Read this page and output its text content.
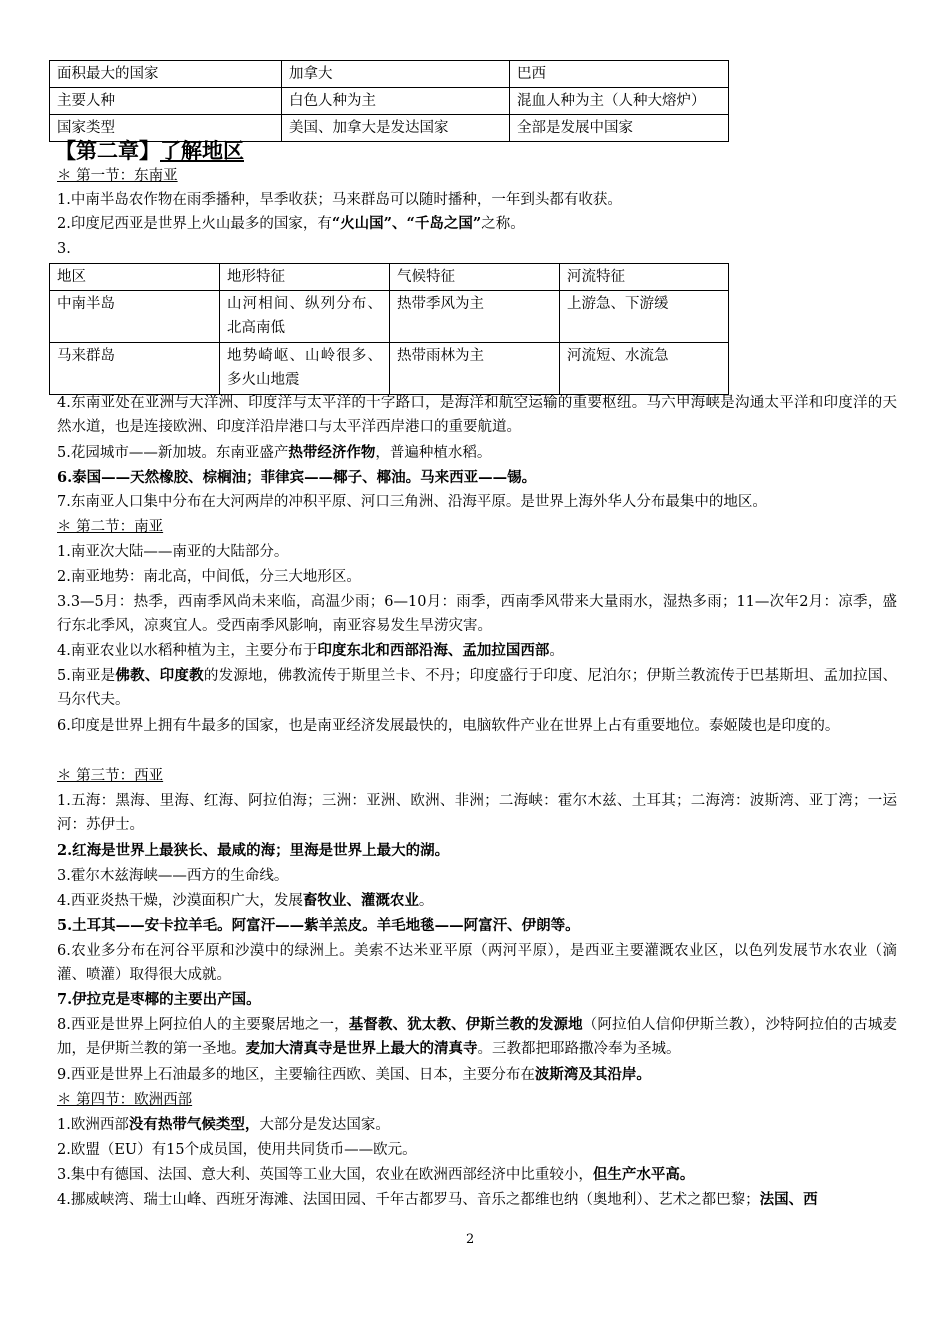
面积最大的国家	加拿大	巴西
主要人种	白色人种为主	混血人种为主（人种大熔炉）
国家类型	美国、加拿大是发达国家	全部是发展中国家
【第二章】了解地区
＊ 第一节：东南亚
1.中南半岛农作物在雨季播种，旱季收获；马来群岛可以随时播种，一年到头都有收获。
2.印度尼西亚是世界上火山最多的国家，有“火山国”、“千岛之国”之称。
3.
地区	地形特征	气候特征	河流特征
中南半岛	山河相间、纵列分布、北高南低	热带季风为主	上游急、下游缓
马来群岛	地势崎岖、山岭很多、多火山地震	热带雨林为主	河流短、水流急
4.东南亚处在亚洲与大洋洲、印度洋与太平洋的十字路口，是海洋和航空运输的重要枢纽。马六甲海峡是沟通太平洋和印度洋的天然水道，也是连接欧洲、印度洋沿岸港口与太平洋西岸港口的重要航道。
5.花园城市——新加坡。东南亚盛产热带经济作物，普遍种植水稻。
6.泰国——天然橡胶、棕榈油；菲律宾——椰子、椰油。马来西亚——锡。
7.东南亚人口集中分布在大河两岸的冲积平原、河口三角洲、沿海平原。是世界上海外华人分布最集中的地区。
＊ 第二节：南亚
1.南亚次大陆——南亚的大陆部分。
2.南亚地势：南北高，中间低，分三大地形区。
3.3—5月：热季，西南季风尚未来临，高温少雨；6—10月：雨季，西南季风带来大量雨水，湿热多雨；11—次年2月：凉季，盛行东北季风，凉爽宜人。受西南季风影响，南亚容易发生旱涝灾害。
4.南亚农业以水稻种植为主，主要分布于印度东北和西部沿海、孟加拉国西部。
5.南亚是佛教、印度教的发源地，佛教流传于斯里兰卡、不丹；印度盛行于印度、尼泊尔；伊斯兰教流传于巴基斯坦、孟加拉国、马尔代夫。
6.印度是世界上拥有牛最多的国家，也是南亚经济发展最快的，电脑软件产业在世界上占有重要地位。泰姬陵也是印度的。
＊ 第三节：西亚
1.五海：黑海、里海、红海、阿拉伯海；三洲：亚洲、欧洲、非洲；二海峡：霍尔木兹、土耳其；二海湾：波斯湾、亚丁湾；一运河：苏伊士。
2.红海是世界上最狭长、最咸的海；里海是世界上最大的湖。
3.霍尔木兹海峡——西方的生命线。
4.西亚炎热干燥，沙漠面积广大，发展畜牧业、灌溉农业。
5.土耳其——安卡拉羊毛。阿富汗——紫羊羔皮。羊毛地毯——阿富汗、伊朗等。
6.农业多分布在河谷平原和沙漠中的绿洲上。美索不达米亚平原（两河平原），是西亚主要灌溉农业区，以色列发展节水农业（滴灌、喷灌）取得很大成就。
7.伊拉克是枣椰的主要出产国。
8.西亚是世界上阿拉伯人的主要聚居地之一，基督教、犹太教、伊斯兰教的发源地（阿拉伯人信仰伊斯兰教），沙特阿拉伯的古城麦加，是伊斯兰教的第一圣地。麦加大清真寺是世界上最大的清真寺。三教都把耶路撒冷奉为圣城。
9.西亚是世界上石油最多的地区，主要输往西欧、美国、日本，主要分布在波斯湾及其沿岸。
＊ 第四节：欧洲西部
1.欧洲西部没有热带气候类型，大部分是发达国家。
2.欧盟（EU）有15个成员国，使用共同货币——欧元。
3.集中有德国、法国、意大利、英国等工业大国，农业在欧洲西部经济中比重较小，但生产水平高。
4.挪威峡湾、瑞士山峰、西班牙海滩、法国田园、千年古都罗马、音乐之都维也纳（奥地利）、艺术之都巴黎；法国、西
2
